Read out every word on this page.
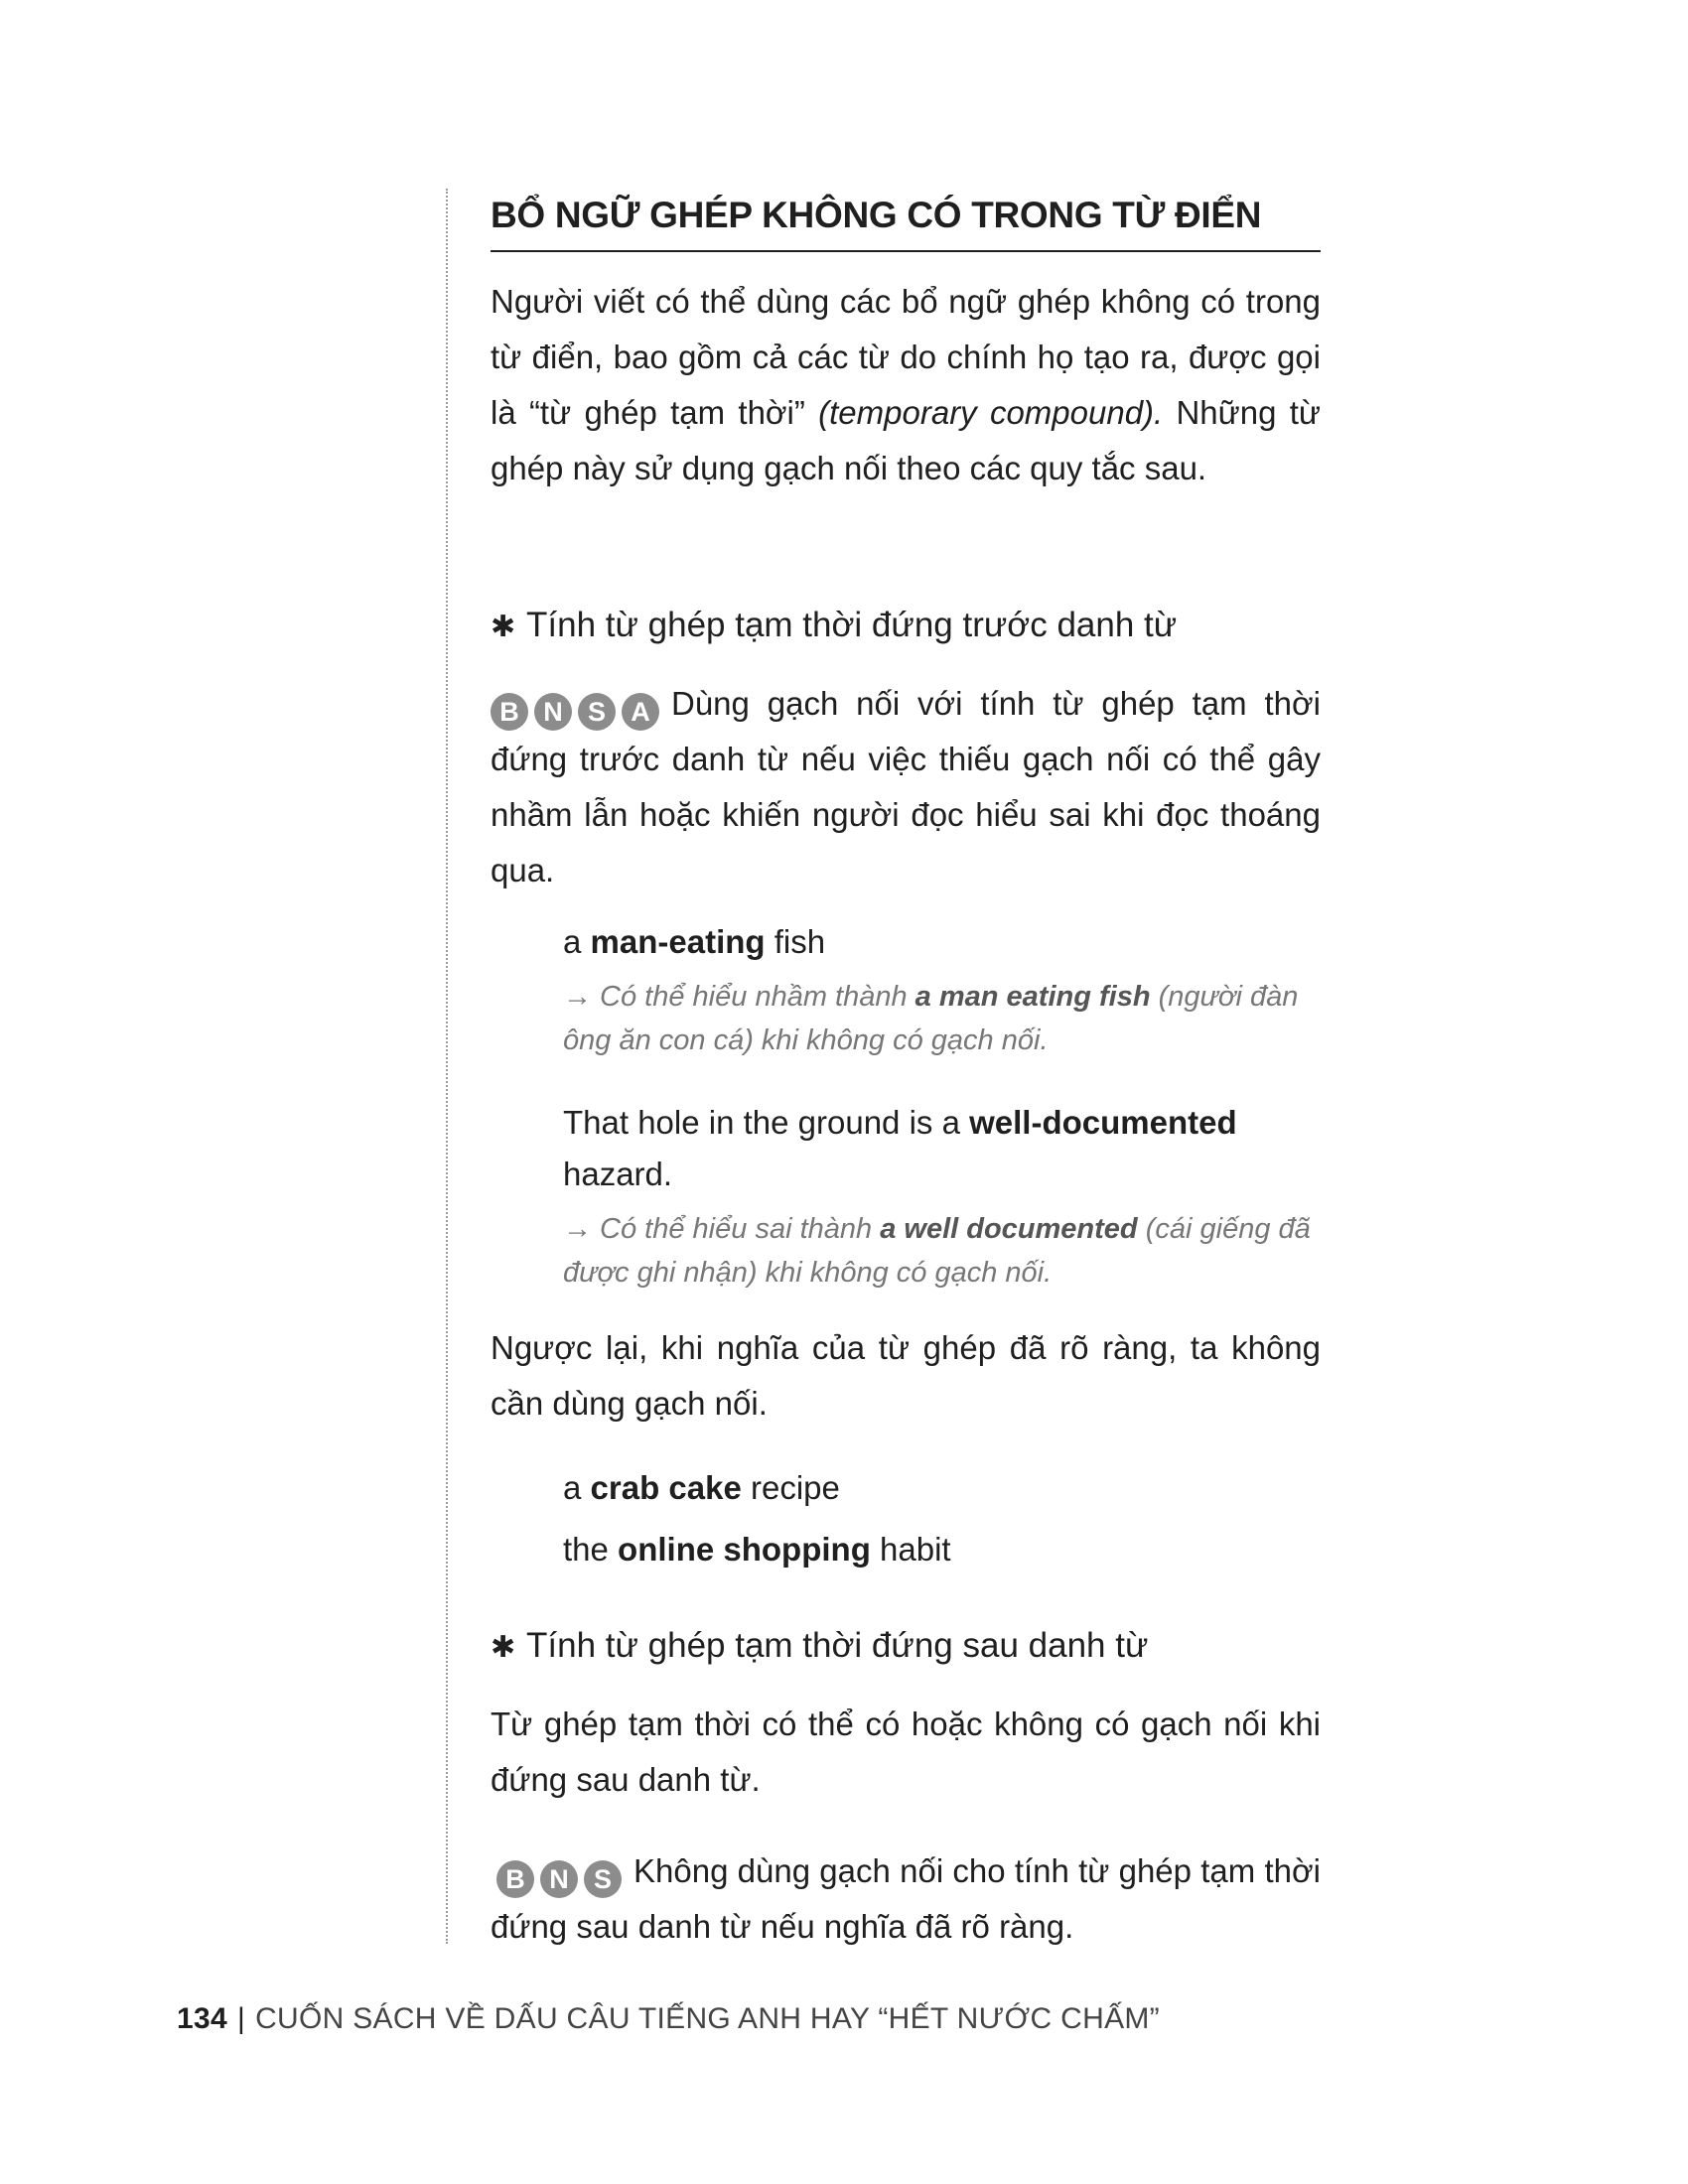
BỔ NGỮ GHÉP KHÔNG CÓ TRONG TỪ ĐIỂN

Người viết có thể dùng các bổ ngữ ghép không có trong từ điển, bao gồm cả các từ do chính họ tạo ra, được gọi là “từ ghép tạm thời” (temporary compound). Những từ ghép này sử dụng gạch nối theo các quy tắc sau.

✱ Tính từ ghép tạm thời đứng trước danh từ

B N S A Dùng gạch nối với tính từ ghép tạm thời đứng trước danh từ nếu việc thiếu gạch nối có thể gây nhầm lẫn hoặc khiến người đọc hiểu sai khi đọc thoáng qua.

a man-eating fish
→ Có thể hiểu nhầm thành a man eating fish (người đàn ông ăn con cá) khi không có gạch nối.
That hole in the ground is a well-documented hazard.
→ Có thể hiểu sai thành a well documented (cái giếng đã được ghi nhận) khi không có gạch nối.

Ngược lại, khi nghĩa của từ ghép đã rõ ràng, ta không cần dùng gạch nối.

a crab cake recipe
the online shopping habit
✱ Tính từ ghép tạm thời đứng sau danh từ

Từ ghép tạm thời có thể có hoặc không có gạch nối khi đứng sau danh từ.

B N S Không dùng gạch nối cho tính từ ghép tạm thời đứng sau danh từ nếu nghĩa đã rõ ràng.

134 | CUỐN SÁCH VỀ DẤU CÂU TIẾNG ANH HAY “HẾT NƯỚC CHẤM”
